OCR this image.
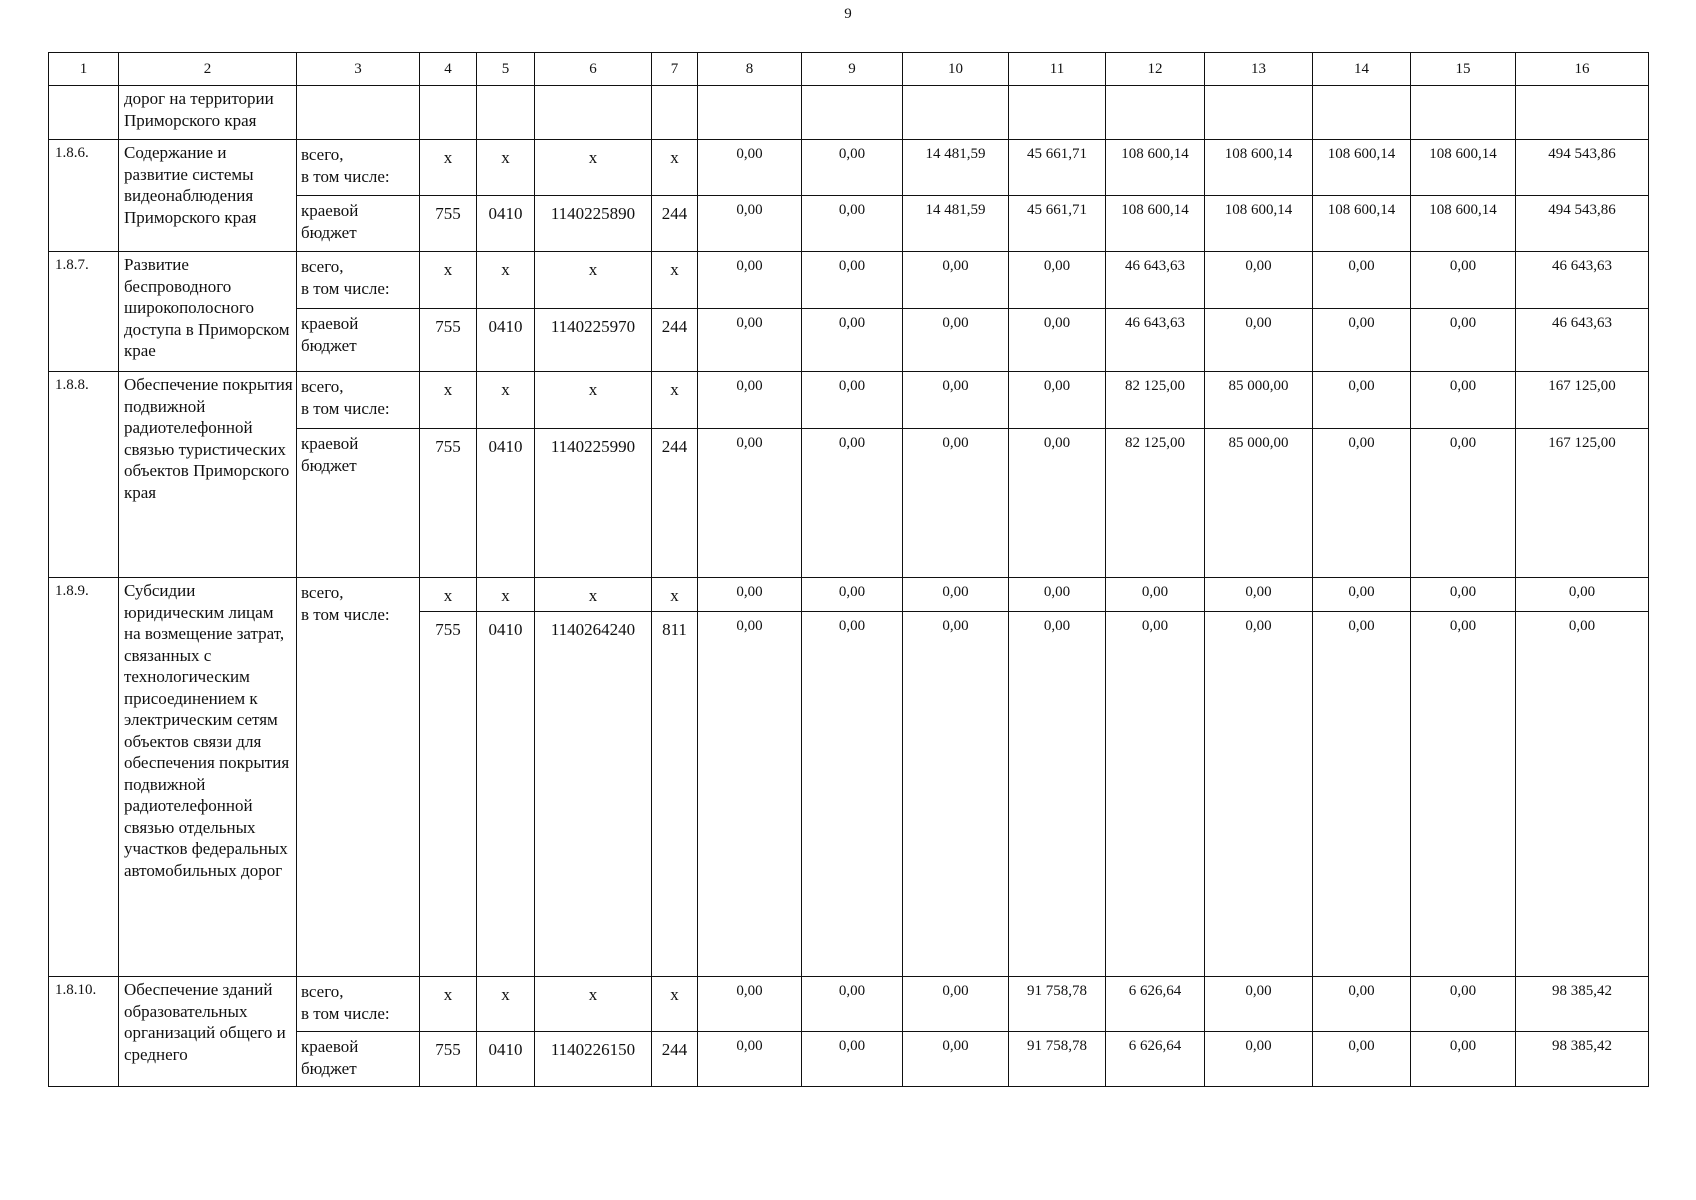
9
1	2	3	4	5	6	7	8	9	10	11	12	13	14	15	16
	дорог на территории Приморского края														
1.8.6.	Содержание и развитие системы видеонаблюдения Приморского края	всего,
в том числе:	x	x	x	x	0,00	0,00	14 481,59	45 661,71	108 600,14	108 600,14	108 600,14	108 600,14	494 543,86
		краевой
бюджет	755	0410	1140225890	244	0,00	0,00	14 481,59	45 661,71	108 600,14	108 600,14	108 600,14	108 600,14	494 543,86
1.8.7.	Развитие беспроводного широкополосного доступа в Приморском крае	всего,
в том числе:	x	x	x	x	0,00	0,00	0,00	0,00	46 643,63	0,00	0,00	0,00	46 643,63
		краевой
бюджет	755	0410	1140225970	244	0,00	0,00	0,00	0,00	46 643,63	0,00	0,00	0,00	46 643,63
1.8.8.	Обеспечение покрытия подвижной радиотелефонной связью туристических объектов Приморского края	всего,
в том числе:	x	x	x	x	0,00	0,00	0,00	0,00	82 125,00	85 000,00	0,00	0,00	167 125,00
		краевой
бюджет	755	0410	1140225990	244	0,00	0,00	0,00	0,00	82 125,00	85 000,00	0,00	0,00	167 125,00
1.8.9.	Субсидии юридическим лицам на возмещение затрат, связанных с технологическим присоединением к электрическим сетям объектов связи для обеспечения покрытия подвижной радиотелефонной связью отдельных участков федеральных автомобильных дорог	всего,
в том числе:	x	x	x	x	0,00	0,00	0,00	0,00	0,00	0,00	0,00	0,00	0,00
			755	0410	1140264240	811	0,00	0,00	0,00	0,00	0,00	0,00	0,00	0,00	0,00
1.8.10.	Обеспечение зданий образовательных организаций общего и среднего	всего,
в том числе:	x	x	x	x	0,00	0,00	0,00	91 758,78	6 626,64	0,00	0,00	0,00	98 385,42
		краевой
бюджет	755	0410	1140226150	244	0,00	0,00	0,00	91 758,78	6 626,64	0,00	0,00	0,00	98 385,42
